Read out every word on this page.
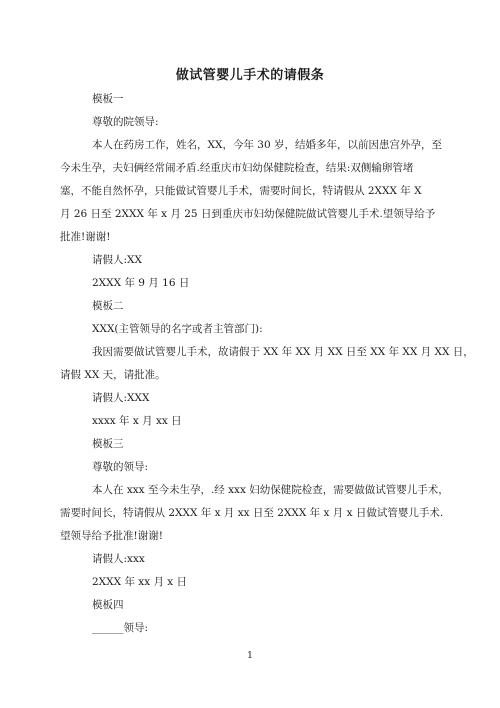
做试管婴儿手术的请假条
模板一
尊敬的院领导:
本人在药房工作，姓名，XX，今年 30 岁，结婚多年，以前因患宫外孕，至
今未生孕，夫妇俩经常闹矛盾.经重庆市妇幼保健院检查，结果:双侧输卵管堵
塞，不能自然怀孕，只能做试管婴儿手术，需要时间长，特请假从 2XXX 年 X
月 26 日至 2XXX 年 x 月 25 日到重庆市妇幼保健院做试管婴儿手术.望领导给予
批准!谢谢!
请假人:XX
2XXX 年 9 月 16 日
模板二
XXX(主管领导的名字或者主管部门):
我因需要做试管婴儿手术，故请假于 XX 年 XX 月 XX 日至 XX 年 XX 月 XX 日，
请假 XX 天，请批准。
请假人:XXX
xxxx 年 x 月 xx 日
模板三
尊敬的领导:
本人在 xxx 至今未生孕，.经 xxx 妇幼保健院检查，需要做做试管婴儿手术，
需要时间长，特请假从 2XXX 年 x 月 xx 日至 2XXX 年 x 月 x 日做试管婴儿手术.
望领导给予批准!谢谢!
请假人:xxx
2XXX 年 xx 月 x 日
模板四
______领导:
1
